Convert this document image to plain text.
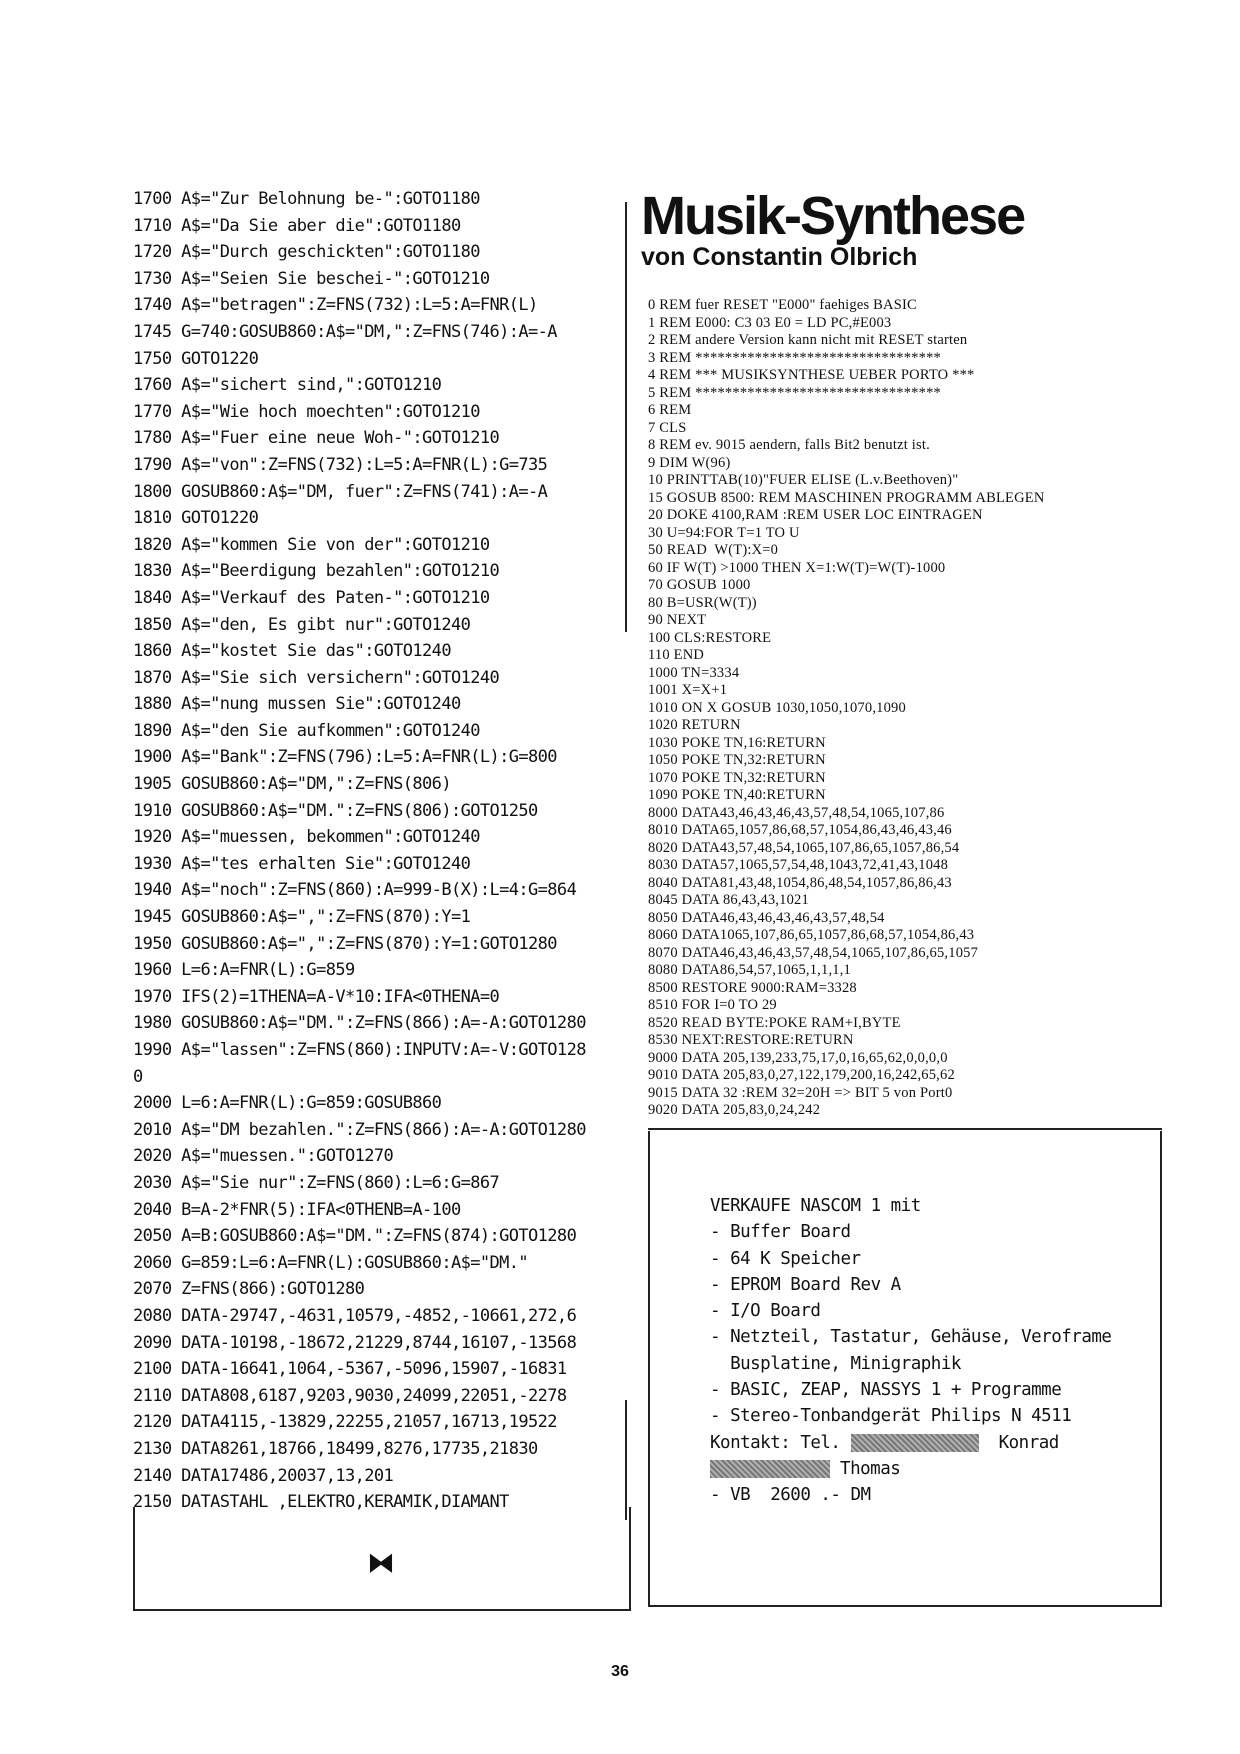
1700 A$="Zur Belohnung be-":GOTO1180
1710 A$="Da Sie aber die":GOTO1180
1720 A$="Durch geschickten":GOTO1180
1730 A$="Seien Sie beschei-":GOTO1210
1740 A$="betragen":Z=FNS(732):L=5:A=FNR(L)
1745 G=740:GOSUB860:A$="DM,":Z=FNS(746):A=-A
1750 GOTO1220
1760 A$="sichert sind,":GOTO1210
1770 A$="Wie hoch moechten":GOTO1210
1780 A$="Fuer eine neue Woh-":GOTO1210
1790 A$="von":Z=FNS(732):L=5:A=FNR(L):G=735
1800 GOSUB860:A$="DM, fuer":Z=FNS(741):A=-A
1810 GOTO1220
1820 A$="kommen Sie von der":GOTO1210
1830 A$="Beerdigung bezahlen":GOTO1210
1840 A$="Verkauf des Paten-":GOTO1210
1850 A$="den, Es gibt nur":GOTO1240
1860 A$="kostet Sie das":GOTO1240
1870 A$="Sie sich versichern":GOTO1240
1880 A$="nung mussen Sie":GOTO1240
1890 A$="den Sie aufkommen":GOTO1240
1900 A$="Bank":Z=FNS(796):L=5:A=FNR(L):G=800
1905 GOSUB860:A$="DM,":Z=FNS(806)
1910 GOSUB860:A$="DM.":Z=FNS(806):GOTO1250
1920 A$="muessen, bekommen":GOTO1240
1930 A$="tes erhalten Sie":GOTO1240
1940 A$="noch":Z=FNS(860):A=999-B(X):L=4:G=864
1945 GOSUB860:A$=",":Z=FNS(870):Y=1
1950 GOSUB860:A$=",":Z=FNS(870):Y=1:GOTO1280
1960 L=6:A=FNR(L):G=859
1970 IFS(2)=1THENA=A-V*10:IFA<0THENA=0
1980 GOSUB860:A$="DM.":Z=FNS(866):A=-A:GOTO1280
1990 A$="lassen":Z=FNS(860):INPUTV:A=-V:GOTO128
0
2000 L=6:A=FNR(L):G=859:GOSUB860
2010 A$="DM bezahlen.":Z=FNS(866):A=-A:GOTO1280
2020 A$="muessen.":GOTO1270
2030 A$="Sie nur":Z=FNS(860):L=6:G=867
2040 B=A-2*FNR(5):IFA<0THENB=A-100
2050 A=B:GOSUB860:A$="DM.":Z=FNS(874):GOTO1280
2060 G=859:L=6:A=FNR(L):GOSUB860:A$="DM."
2070 Z=FNS(866):GOTO1280
2080 DATA-29747,-4631,10579,-4852,-10661,272,6
2090 DATA-10198,-18672,21229,8744,16107,-13568
2100 DATA-16641,1064,-5367,-5096,15907,-16831
2110 DATA808,6187,9203,9030,24099,22051,-2278
2120 DATA4115,-13829,22255,21057,16713,19522
2130 DATA8261,18766,18499,8276,17735,21830
2140 DATA17486,20037,13,201
2150 DATASTAHL ,ELEKTRO,KERAMIK,DIAMANT
⧓
Musik-Synthese
von Constantin Olbrich
0 REM fuer RESET "E000" faehiges BASIC
1 REM E000: C3 03 E0 = LD PC,#E003
2 REM andere Version kann nicht mit RESET starten
3 REM *********************************
4 REM *** MUSIKSYNTHESE UEBER PORTO ***
5 REM *********************************
6 REM
7 CLS
8 REM ev. 9015 aendern, falls Bit2 benutzt ist.
9 DIM W(96)
10 PRINTTAB(10)"FUER ELISE (L.v.Beethoven)"
15 GOSUB 8500: REM MASCHINEN PROGRAMM ABLEGEN
20 DOKE 4100,RAM :REM USER LOC EINTRAGEN
30 U=94:FOR T=1 TO U
50 READ  W(T):X=0
60 IF W(T) >1000 THEN X=1:W(T)=W(T)-1000
70 GOSUB 1000
80 B=USR(W(T))
90 NEXT
100 CLS:RESTORE
110 END
1000 TN=3334
1001 X=X+1
1010 ON X GOSUB 1030,1050,1070,1090
1020 RETURN
1030 POKE TN,16:RETURN
1050 POKE TN,32:RETURN
1070 POKE TN,32:RETURN
1090 POKE TN,40:RETURN
8000 DATA43,46,43,46,43,57,48,54,1065,107,86
8010 DATA65,1057,86,68,57,1054,86,43,46,43,46
8020 DATA43,57,48,54,1065,107,86,65,1057,86,54
8030 DATA57,1065,57,54,48,1043,72,41,43,1048
8040 DATA81,43,48,1054,86,48,54,1057,86,86,43
8045 DATA 86,43,43,1021
8050 DATA46,43,46,43,46,43,57,48,54
8060 DATA1065,107,86,65,1057,86,68,57,1054,86,43
8070 DATA46,43,46,43,57,48,54,1065,107,86,65,1057
8080 DATA86,54,57,1065,1,1,1,1
8500 RESTORE 9000:RAM=3328
8510 FOR I=0 TO 29
8520 READ BYTE:POKE RAM+I,BYTE
8530 NEXT:RESTORE:RETURN
9000 DATA 205,139,233,75,17,0,16,65,62,0,0,0,0
9010 DATA 205,83,0,27,122,179,200,16,242,65,62
9015 DATA 32 :REM 32=20H => BIT 5 von Port0
9020 DATA 205,83,0,24,242
VERKAUFE NASCOM 1 mit
- Buffer Board
- 64 K Speicher
- EPROM Board Rev A
- I/O Board
- Netzteil, Tastatur, Gehäuse, Veroframe
Busplatine, Minigraphik
- BASIC, ZEAP, NASSYS 1 + Programme
- Stereo-Tonbandgerät Philips N 4511
Kontakt: Tel.	Konrad
Thomas
- VB  2600 .- DM
36
